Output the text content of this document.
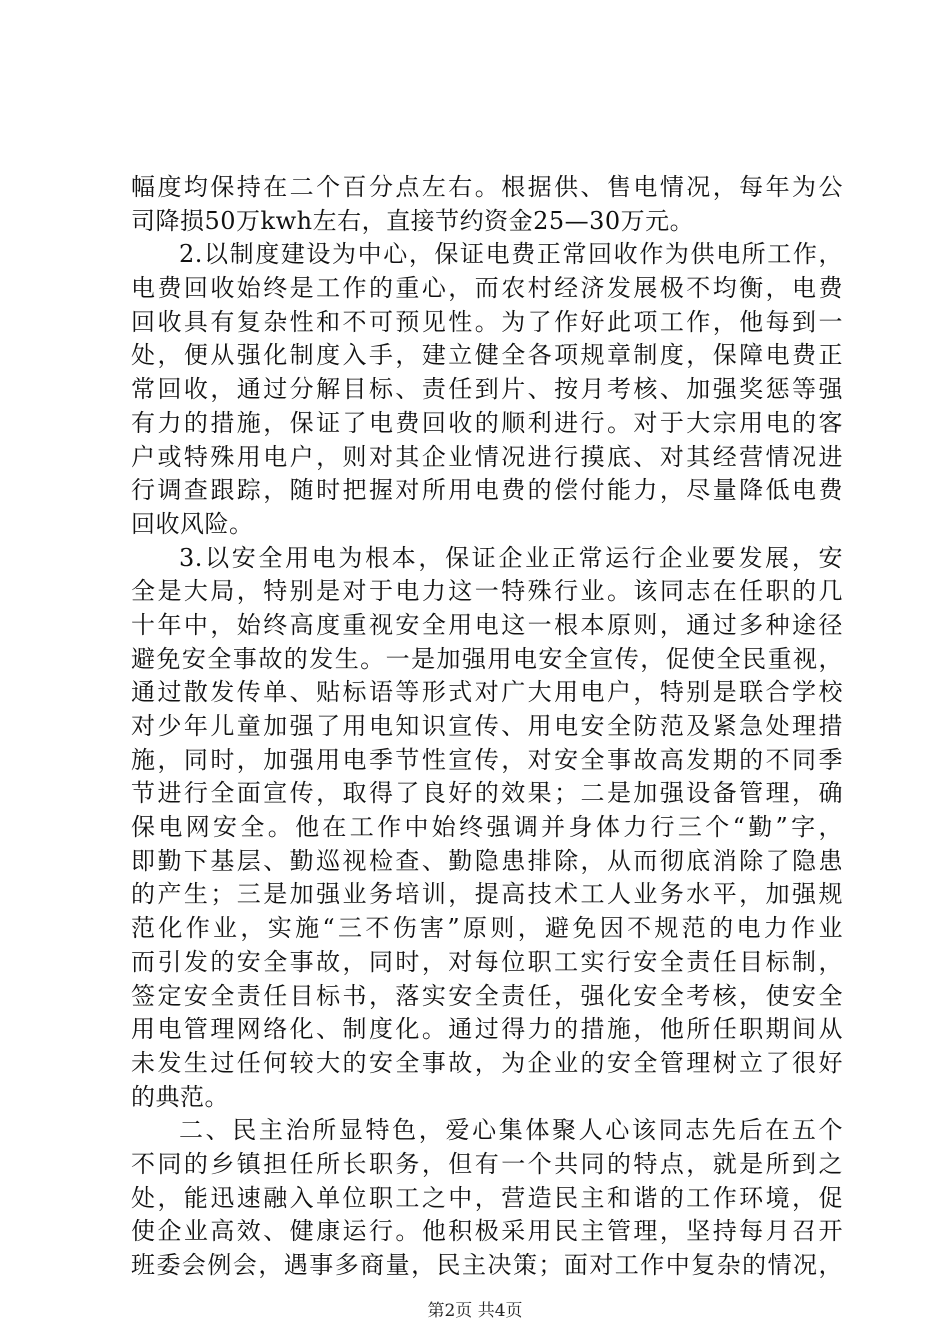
幅度均保持在二个百分点左右。根据供、售电情况，每年为公
司降损50万kwh左右，直接节约资金25—30万元。
2.以制度建设为中心，保证电费正常回收作为供电所工作，
电费回收始终是工作的重心，而农村经济发展极不均衡，电费
回收具有复杂性和不可预见性。为了作好此项工作，他每到一
处，便从强化制度入手，建立健全各项规章制度，保障电费正
常回收，通过分解目标、责任到片、按月考核、加强奖惩等强
有力的措施，保证了电费回收的顺利进行。对于大宗用电的客
户或特殊用电户，则对其企业情况进行摸底、对其经营情况进
行调查跟踪，随时把握对所用电费的偿付能力，尽量降低电费
回收风险。
3.以安全用电为根本，保证企业正常运行企业要发展，安
全是大局，特别是对于电力这一特殊行业。该同志在任职的几
十年中，始终高度重视安全用电这一根本原则，通过多种途径
避免安全事故的发生。一是加强用电安全宣传，促使全民重视，
通过散发传单、贴标语等形式对广大用电户，特别是联合学校
对少年儿童加强了用电知识宣传、用电安全防范及紧急处理措
施，同时，加强用电季节性宣传，对安全事故高发期的不同季
节进行全面宣传，取得了良好的效果；二是加强设备管理，确
保电网安全。他在工作中始终强调并身体力行三个“勤”字，
即勤下基层、勤巡视检查、勤隐患排除，从而彻底消除了隐患
的产生；三是加强业务培训，提高技术工人业务水平，加强规
范化作业，实施“三不伤害”原则，避免因不规范的电力作业
而引发的安全事故，同时，对每位职工实行安全责任目标制，
签定安全责任目标书，落实安全责任，强化安全考核，使安全
用电管理网络化、制度化。通过得力的措施，他所任职期间从
未发生过任何较大的安全事故，为企业的安全管理树立了很好
的典范。
二、民主治所显特色，爱心集体聚人心该同志先后在五个
不同的乡镇担任所长职务，但有一个共同的特点，就是所到之
处，能迅速融入单位职工之中，营造民主和谐的工作环境，促
使企业高效、健康运行。他积极采用民主管理，坚持每月召开
班委会例会，遇事多商量，民主决策；面对工作中复杂的情况，
第2页 共4页
